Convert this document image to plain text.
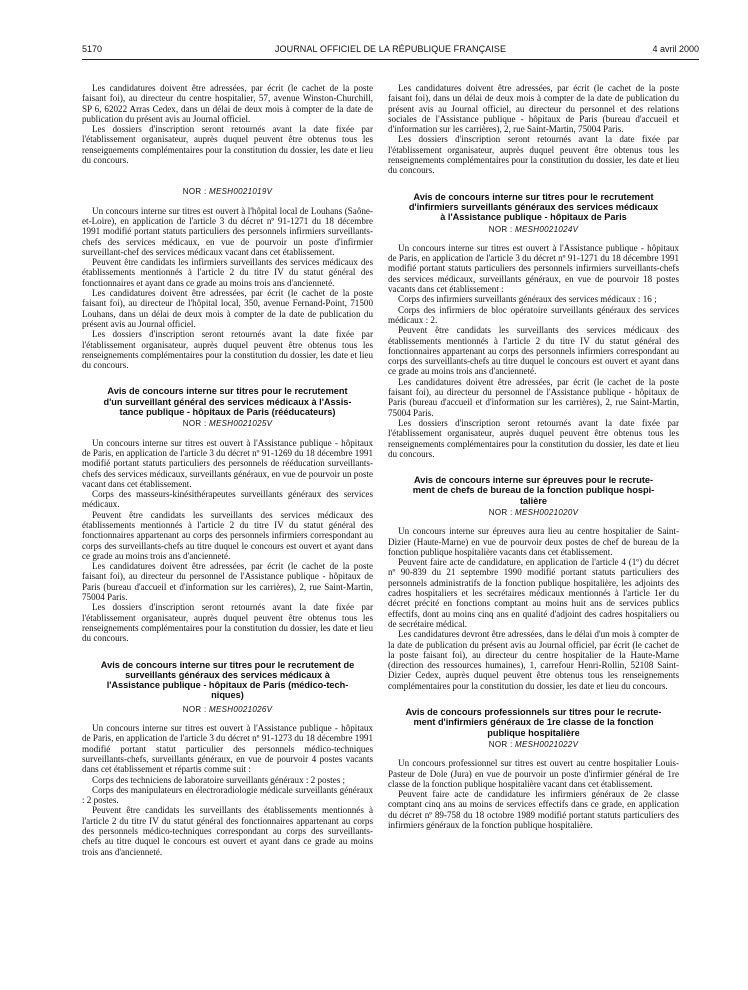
5170	JOURNAL OFFICIEL DE LA RÉPUBLIQUE FRANÇAISE	4 avril 2000

Les candidatures doivent être adressées, par écrit (le cachet de la poste faisant foi), au directeur du centre hospitalier, 57, avenue Winston-Churchill, SP 6, 62022 Arras Cedex, dans un délai de deux mois à compter de la date de publication du présent avis au Journal officiel.

Les dossiers d'inscription seront retournés avant la date fixée par l'établissement organisateur, auprès duquel peuvent être obtenus tous les renseignements complémentaires pour la constitution du dossier, les date et lieu du concours.

NOR : MESH0021019V

Un concours interne sur titres est ouvert à l'hôpital local de Louhans (Saône-et-Loire), en application de l'article 3 du décret nº 91-1271 du 18 décembre 1991 modifié portant statuts particuliers des personnels infirmiers surveillants-chefs des services médicaux, en vue de pourvoir un poste d'infirmier surveillant-chef des services médicaux vacant dans cet établissement.

Peuvent être candidats les infirmiers surveillants des services médicaux des établissements mentionnés à l'article 2 du titre IV du statut général des fonctionnaires et ayant dans ce grade au moins trois ans d'ancienneté.

Les candidatures doivent être adressées, par écrit (le cachet de la poste faisant foi), au directeur de l'hôpital local, 350, avenue Fernand-Point, 71500 Louhans, dans un délai de deux mois à compter de la date de publication du présent avis au Journal officiel.

Les dossiers d'inscription seront retournés avant la date fixée par l'établissement organisateur, auprès duquel peuvent être obtenus tous les renseignements complémentaires pour la constitution du dossier, les date et lieu du concours.

Avis de concours interne sur titres pour le recrutement
d'un surveillant général des services médicaux à l'Assis-
tance publique - hôpitaux de Paris (rééducateurs)
NOR : MESH0021025V

Un concours interne sur titres est ouvert à l'Assistance publique - hôpitaux de Paris, en application de l'article 3 du décret nº 91-1269 du 18 décembre 1991 modifié portant statuts particuliers des personnels de rééducation surveillants-chefs des services médicaux, surveillants généraux, en vue de pourvoir un poste vacant dans cet établissement.

Corps des masseurs-kinésithérapeutes surveillants généraux des services médicaux.

Peuvent être candidats les surveillants des services médicaux des établissements mentionnés à l'article 2 du titre IV du statut général des fonctionnaires appartenant au corps des personnels infirmiers correspondant au corps des surveillants-chefs au titre duquel le concours est ouvert et ayant dans ce grade au moins trois ans d'ancienneté.

Les candidatures doivent être adressées, par écrit (le cachet de la poste faisant foi), au directeur du personnel de l'Assistance publique - hôpitaux de Paris (bureau d'accueil et d'information sur les carrières), 2, rue Saint-Martin, 75004 Paris.

Les dossiers d'inscription seront retournés avant la date fixée par l'établissement organisateur, auprès duquel peuvent être obtenus tous les renseignements complémentaires pour la constitution du dossier, les date et lieu du concours.

Avis de concours interne sur titres pour le recrutement de
surveillants généraux des services médicaux à
l'Assistance publique - hôpitaux de Paris (médico-tech-
niques)
NOR : MESH0021026V

Un concours interne sur titres est ouvert à l'Assistance publique - hôpitaux de Paris, en application de l'article 3 du décret nº 91-1273 du 18 décembre 1991 modifié portant statut particulier des personnels médico-techniques surveillants-chefs, surveillants généraux, en vue de pourvoir 4 postes vacants dans cet établissement et répartis comme suit :

Corps des techniciens de laboratoire surveillants généraux : 2 postes ;

Corps des manipulateurs en électroradiologie médicale surveillants généraux : 2 postes.

Peuvent être candidats les surveillants des établissements mentionnés à l'article 2 du titre IV du statut général des fonctionnaires appartenant au corps des personnels médico-techniques correspondant au corps des surveillants-chefs au titre duquel le concours est ouvert et ayant dans ce grade au moins trois ans d'ancienneté.

Les candidatures doivent être adressées, par écrit (le cachet de la poste faisant foi), dans un délai de deux mois à compter de la date de publication du présent avis au Journal officiel, au directeur du personnel et des relations sociales de l'Assistance publique - hôpitaux de Paris (bureau d'accueil et d'information sur les carrières), 2, rue Saint-Martin, 75004 Paris.

Les dossiers d'inscription seront retournés avant la date fixée par l'établissement organisateur, auprès duquel peuvent être obtenus tous les renseignements complémentaires pour la constitution du dossier, les date et lieu du concours.

Avis de concours interne sur titres pour le recrutement
d'infirmiers surveillants généraux des services médicaux
à l'Assistance publique - hôpitaux de Paris
NOR : MESH0021024V

Un concours interne sur titres est ouvert à l'Assistance publique - hôpitaux de Paris, en application de l'article 3 du décret nº 91-1271 du 18 décembre 1991 modifié portant statuts particuliers des personnels infirmiers surveillants-chefs des services médicaux, surveillants généraux, en vue de pourvoir 18 postes vacants dans cet établissement :

Corps des infirmiers surveillants généraux des services médicaux : 16 ;

Corps des infirmiers de bloc opératoire surveillants généraux des services médicaux : 2.

Peuvent être candidats les surveillants des services médicaux des établissements mentionnés à l'article 2 du titre IV du statut général des fonctionnaires appartenant au corps des personnels infirmiers correspondant au corps des surveillants-chefs au titre duquel le concours est ouvert et ayant dans ce grade au moins trois ans d'ancienneté.

Les candidatures doivent être adressées, par écrit (le cachet de la poste faisant foi), au directeur du personnel de l'Assistance publique - hôpitaux de Paris (bureau d'accueil et d'information sur les carrières), 2, rue Saint-Martin, 75004 Paris.

Les dossiers d'inscription seront retournés avant la date fixée par l'établissement organisateur, auprès duquel peuvent être obtenus tous les renseignements complémentaires pour la constitution du dossier, les date et lieu du concours.

Avis de concours interne sur épreuves pour le recrute-
ment de chefs de bureau de la fonction publique hospi-
talière
NOR : MESH0021020V

Un concours interne sur épreuves aura lieu au centre hospitalier de Saint-Dizier (Haute-Marne) en vue de pourvoir deux postes de chef de bureau de la fonction publique hospitalière vacants dans cet établissement.

Peuvent faire acte de candidature, en application de l'article 4 (1º) du décret nº 90-839 du 21 septembre 1990 modifié portant statuts particuliers des personnels administratifs de la fonction publique hospitalière, les adjoints des cadres hospitaliers et les secrétaires médicaux mentionnés à l'article 1er du décret précité en fonctions comptant au moins huit ans de services publics effectifs, dont au moins cinq ans en qualité d'adjoint des cadres hospitaliers ou de secrétaire médical.

Les candidatures devront être adressées, dans le délai d'un mois à compter de la date de publication du présent avis au Journal officiel, par écrit (le cachet de la poste faisant foi), au directeur du centre hospitalier de la Haute-Marne (direction des ressources humaines), 1, carrefour Henri-Rollin, 52108 Saint-Dizier Cedex, auprès duquel peuvent être obtenus tous les renseignements complémentaires pour la constitution du dossier, les date et lieu du concours.

Avis de concours professionnels sur titres pour le recrute-
ment d'infirmiers généraux de 1re classe de la fonction
publique hospitalière
NOR : MESH0021022V

Un concours professionnel sur titres est ouvert au centre hospitalier Louis-Pasteur de Dole (Jura) en vue de pourvoir un poste d'infirmier général de 1re classe de la fonction publique hospitalière vacant dans cet établissement.

Peuvent faire acte de candidature les infirmiers généraux de 2e classe comptant cinq ans au moins de services effectifs dans ce grade, en application du décret nº 89-758 du 18 octobre 1989 modifié portant statuts particuliers des infirmiers généraux de la fonction publique hospitalière.
